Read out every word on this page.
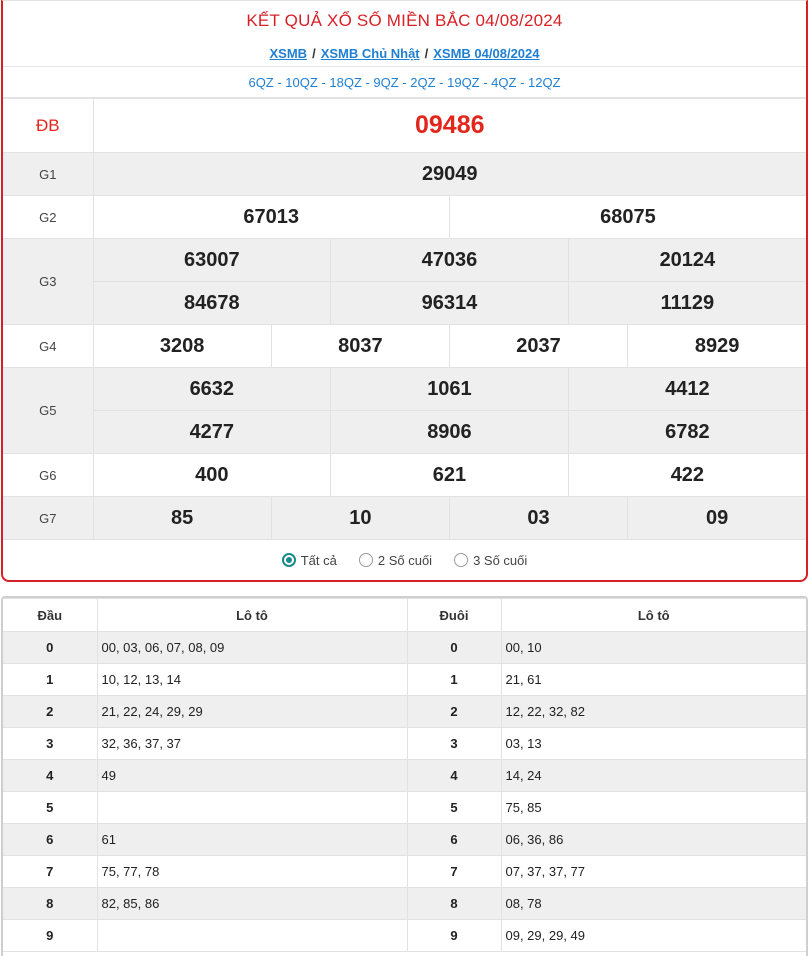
KẾT QUẢ XỔ SỐ MIỀN BẮC 04/08/2024
XSMB / XSMB Chủ Nhật / XSMB 04/08/2024
6QZ - 10QZ - 18QZ - 9QZ - 2QZ - 19QZ - 4QZ - 12QZ
ĐB	09486					
G1	29049					
G2	67013			68075		
G3	63007		47036		20124	
	84678		96314		11129	
G4	3208	8037		2037		8929
G5	6632		1061		4412	
	4277		8906		6782	
G6	400		621		422	
G7	85	10		03		09
Tất cả	2 Số cuối	3 Số cuối
Đầu	Lô tô	Đuôi	Lô tô
0	00, 03, 06, 07, 08, 09	0	00, 10
1	10, 12, 13, 14	1	21, 61
2	21, 22, 24, 29, 29	2	12, 22, 32, 82
3	32, 36, 37, 37	3	03, 13
4	49	4	14, 24
5		5	75, 85
6	61	6	06, 36, 86
7	75, 77, 78	7	07, 37, 37, 77
8	82, 85, 86	8	08, 78
9		9	09, 29, 29, 49
